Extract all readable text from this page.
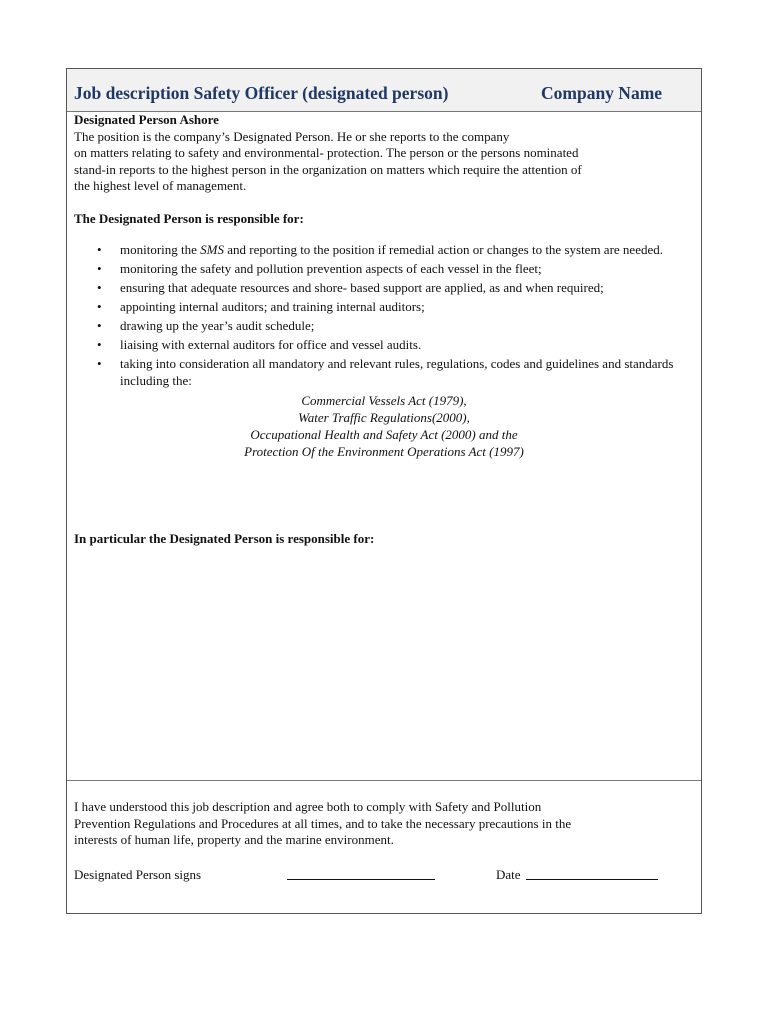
Job description Safety Officer (designated person)	Company Name

Designated Person Ashore

The position is the company’s Designated Person. He or she reports to the company
on matters relating to safety and environmental- protection. The person or the persons nominated
stand-in reports to the highest person in the organization on matters which require the attention of
the highest level of management.

The Designated Person is responsible for:

• monitoring the SMS and reporting to the position if remedial action or changes to the system are needed.
• monitoring the safety and pollution prevention aspects of each vessel in the fleet;
• ensuring that adequate resources and shore- based support are applied, as and when required;
• appointing internal auditors; and training internal auditors;
• drawing up the year’s audit schedule;
• liaising with external auditors for office and vessel audits.
• taking into consideration all mandatory and relevant rules, regulations, codes and guidelines and standards including the:
Commercial Vessels Act (1979),
Water Traffic Regulations(2000),
Occupational Health and Safety Act (2000) and the
Protection Of the Environment Operations Act (1997)
In particular the Designated Person is responsible for:
I have understood this job description and agree both to comply with Safety and Pollution
Prevention Regulations and Procedures at all times, and to take the necessary precautions in the
interests of human life, property and the marine environment.
Designated Person signs	Date
